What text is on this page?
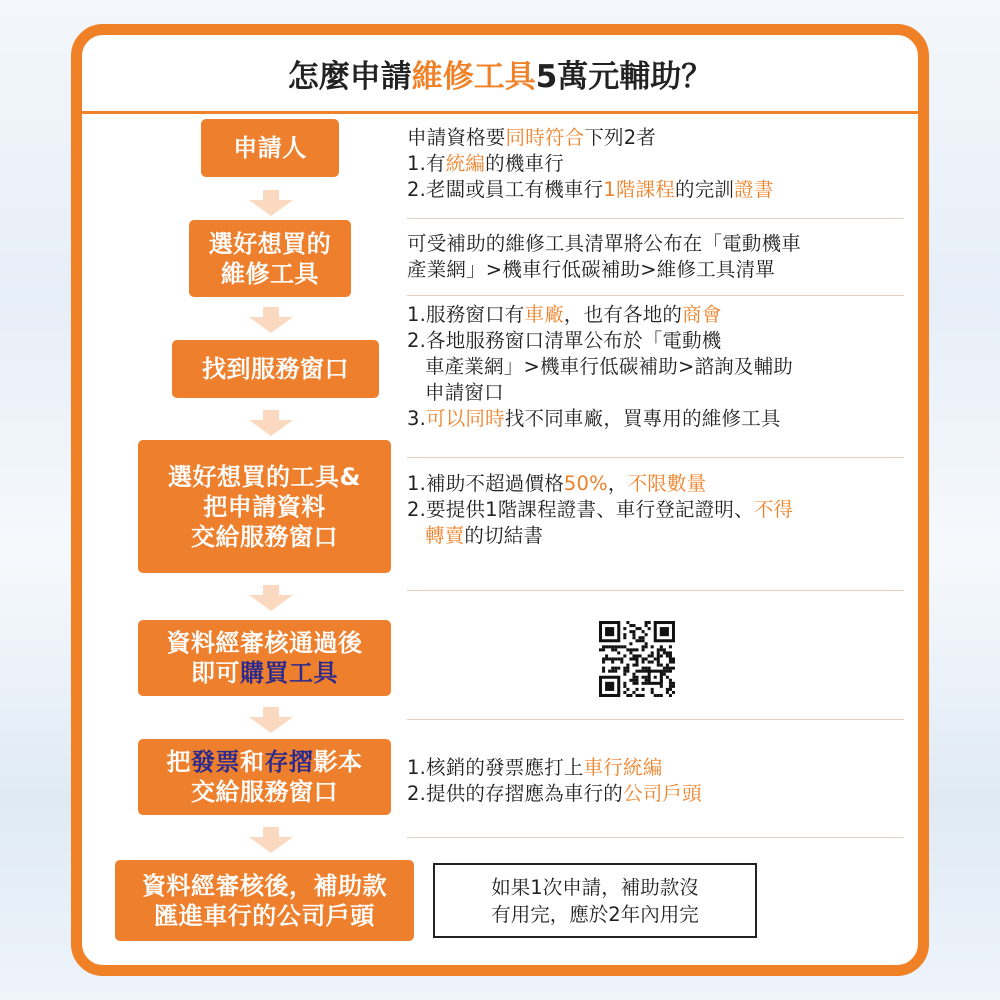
怎麼申請 維修工具 5萬元輔助？
申請人
選好想買的
維修工具
找到服務窗口
選好想買的工具&
把申請資料
交給服務窗口
資料經審核通過後
即可購買工具
把發票和存摺影本
交給服務窗口
資料經審核後，補助款
匯進車行的公司戶頭
申請資格要同時符合下列2者
1.有統編的機車行
2.老闆或員工有機車行1階課程的完訓證書
可受補助的維修工具清單將公布在「電動機車
產業網」>機車行低碳補助>維修工具清單
1.服務窗口有車廠，也有各地的商會
2.各地服務窗口清單公布於「電動機
車產業網」>機車行低碳補助>諮詢及輔助
申請窗口
3.可以同時找不同車廠，買專用的維修工具
1.補助不超過價格50%，不限數量
2.要提供1階課程證書、車行登記證明、不得
轉賣的切結書
1.核銷的發票應打上車行統編
2.提供的存摺應為車行的公司戶頭
如果1次申請，補助款沒
有用完，應於2年內用完
